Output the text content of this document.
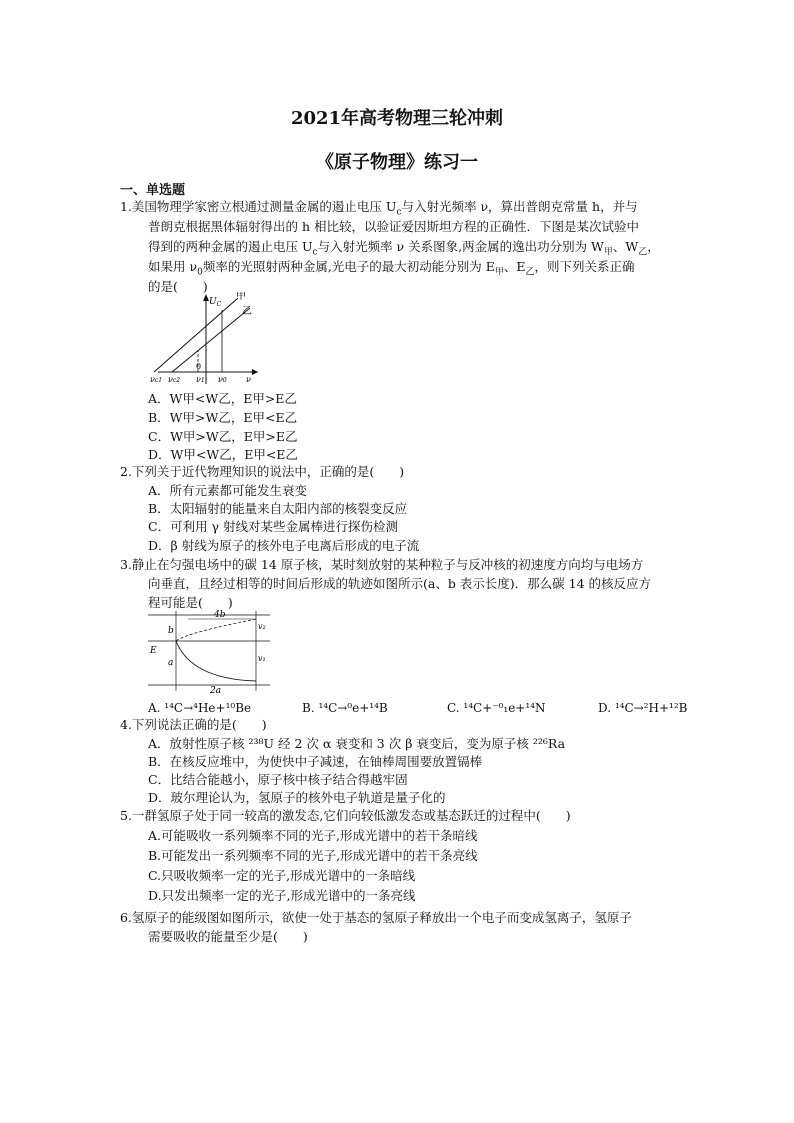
2021年高考物理三轮冲刺
《原子物理》练习一
一、单选题
1.美国物理学家密立根通过测量金属的遏止电压 $U_c$与入射光频率 ν，算出普朗克常量 h，并与
普朗克根据黑体辐射得出的 h 相比较，以验证爱因斯坦方程的正确性．下图是某次试验中
得到的两种金属的遏止电压 $U_c$与入射光频率 ν 关系图象,两金属的逸出功分别为 $W_甲$、$W_乙$，
如果用 $\nu_0$频率的光照射两种金属,光电子的最大初动能分别为 $E_甲$、$E_乙$，则下列关系正确
的是(　　)
$U_C$
甲
乙
0
νc1 νc2 ν1 ν0 ν
A．W甲<W乙，E甲>E乙
B．W甲>W乙，E甲<E乙
C．W甲>W乙，E甲>E乙
D．W甲<W乙，E甲<E乙
2.下列关于近代物理知识的说法中，正确的是(　　)
A．所有元素都可能发生衰变
B．太阳辐射的能量来自太阳内部的核裂变反应
C．可利用 γ 射线对某些金属棒进行探伤检测
D．β 射线为原子的核外电子电离后形成的电子流
3.静止在匀强电场中的碳 14 原子核，某时刻放射的某种粒子与反冲核的初速度方向均与电场方
向垂直，且经过相等的时间后形成的轨迹如图所示(a、b 表示长度)．那么碳 14 的核反应方
程可能是(　　)
4b
b
E
a
v₂
v₁
2a
A. ¹⁴C→⁴He+¹⁰Be	B. ¹⁴C→⁰e+¹⁴B	C. ¹⁴C+⁻⁰₁e+¹⁴N	D. ¹⁴C→²H+¹²B
4.下列说法正确的是(　　)
A．放射性原子核 ²³⁸U 经 2 次 α 衰变和 3 次 β 衰变后，变为原子核 ²²⁶Ra
B．在核反应堆中，为使快中子减速，在铀棒周围要放置镉棒
C．比结合能越小，原子核中核子结合得越牢固
D．玻尔理论认为，氢原子的核外电子轨道是量子化的
5.一群氢原子处于同一较高的激发态,它们向较低激发态或基态跃迁的过程中(　　)
A.可能吸收一系列频率不同的光子,形成光谱中的若干条暗线
B.可能发出一系列频率不同的光子,形成光谱中的若干条亮线
C.只吸收频率一定的光子,形成光谱中的一条暗线
D.只发出频率一定的光子,形成光谱中的一条亮线
6.氢原子的能级图如图所示，欲使一处于基态的氢原子释放出一个电子而变成氢离子，氢原子
需要吸收的能量至少是(　　)
